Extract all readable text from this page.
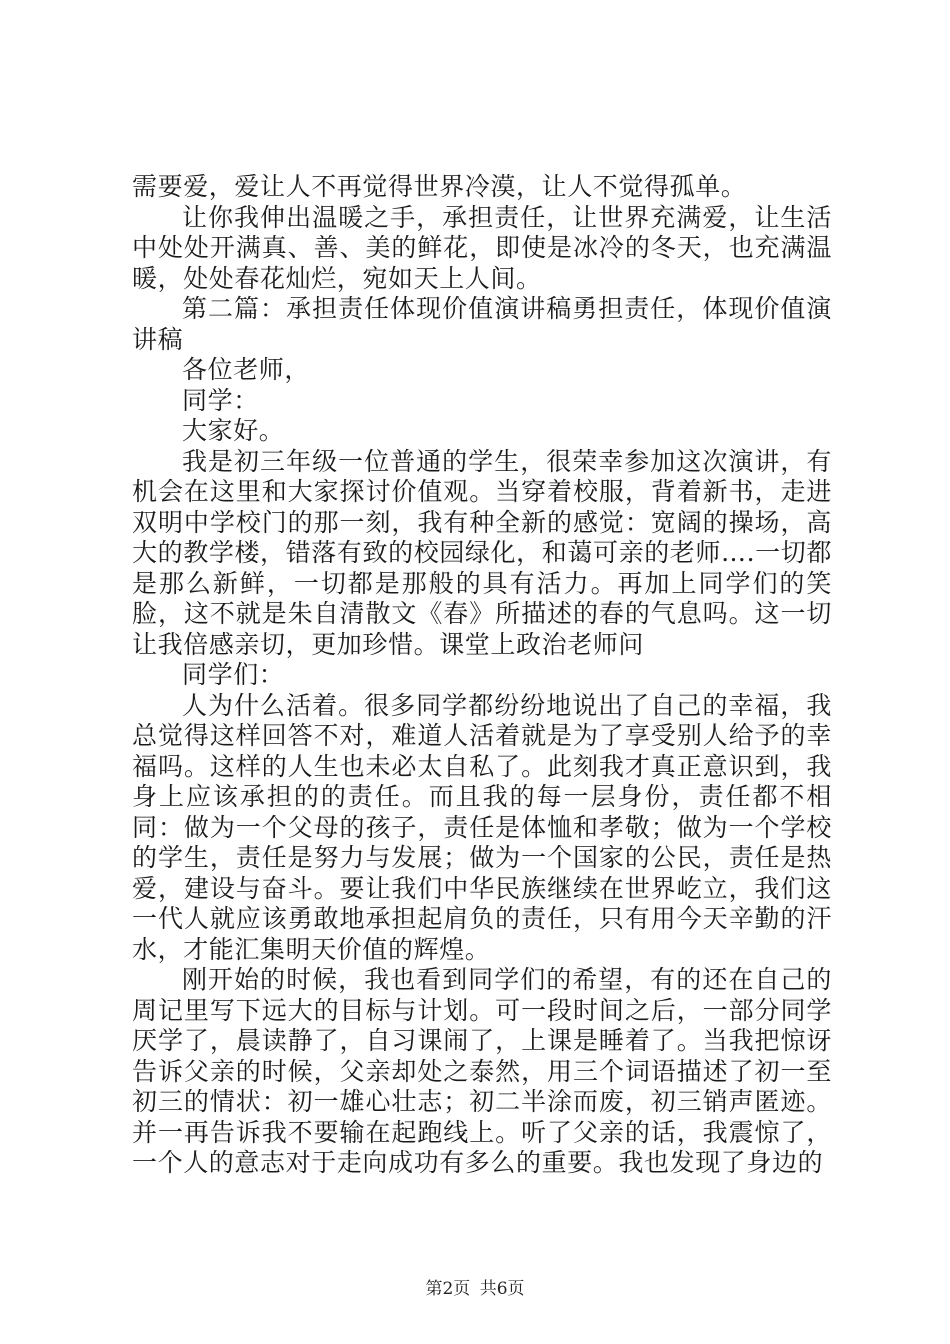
需要爱，爱让人不再觉得世界冷漠，让人不觉得孤单。

让你我伸出温暖之手，承担责任，让世界充满爱，让生活中处处开满真、善、美的鲜花，即使是冰冷的冬天，也充满温暖，处处春花灿烂，宛如天上人间。

第二篇：承担责任体现价值演讲稿勇担责任，体现价值演讲稿

各位老师，

同学：

大家好。

我是初三年级一位普通的学生，很荣幸参加这次演讲，有机会在这里和大家探讨价值观。当穿着校服，背着新书，走进双明中学校门的那一刻，我有种全新的感觉：宽阔的操场，高大的教学楼，错落有致的校园绿化，和蔼可亲的老师….一切都是那么新鲜，一切都是那般的具有活力。再加上同学们的笑脸，这不就是朱自清散文《春》所描述的春的气息吗。这一切让我倍感亲切，更加珍惜。课堂上政治老师问

同学们：

人为什么活着。很多同学都纷纷地说出了自己的幸福，我总觉得这样回答不对，难道人活着就是为了享受别人给予的幸福吗。这样的人生也未必太自私了。此刻我才真正意识到，我身上应该承担的的责任。而且我的每一层身份，责任都不相同：做为一个父母的孩子，责任是体恤和孝敬；做为一个学校的学生，责任是努力与发展；做为一个国家的公民，责任是热爱，建设与奋斗。要让我们中华民族继续在世界屹立，我们这一代人就应该勇敢地承担起肩负的责任，只有用今天辛勤的汗水，才能汇集明天价值的辉煌。

刚开始的时候，我也看到同学们的希望，有的还在自己的周记里写下远大的目标与计划。可一段时间之后，一部分同学厌学了，晨读静了，自习课闹了，上课是睡着了。当我把惊讶告诉父亲的时候，父亲却处之泰然，用三个词语描述了初一至初三的情状：初一雄心壮志；初二半涂而废，初三销声匿迹。并一再告诉我不要输在起跑线上。听了父亲的话，我震惊了，一个人的意志对于走向成功有多么的重要。我也发现了身边的

第2页 共6页
